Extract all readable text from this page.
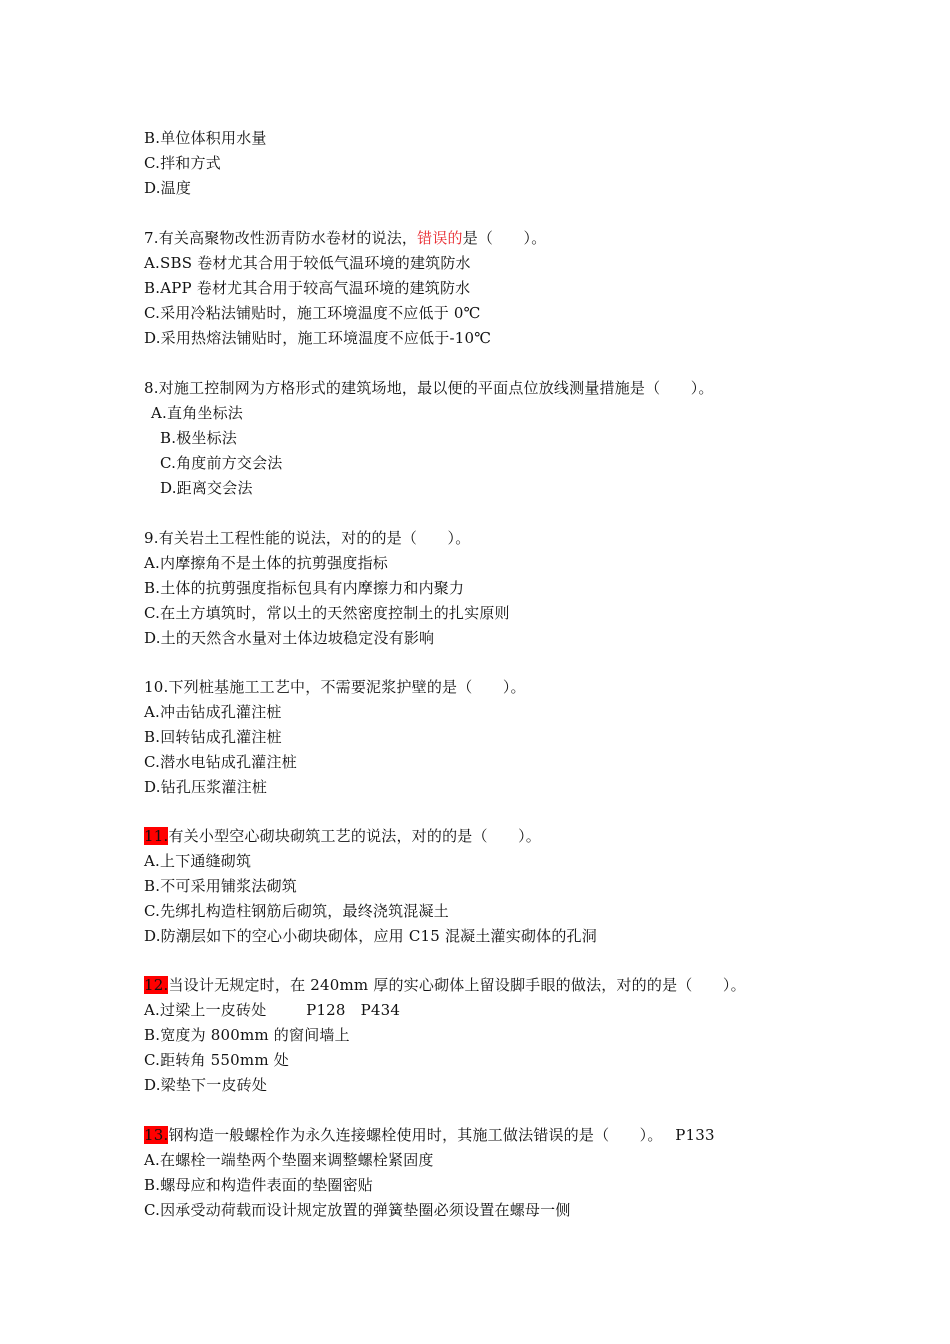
B.单位体积用水量
C.拌和方式
D.温度
7.有关高聚物改性沥青防水卷材的说法，错误的是（　　）。
A.SBS 卷材尤其合用于较低气温环境的建筑防水
B.APP 卷材尤其合用于较高气温环境的建筑防水
C.采用冷粘法铺贴时，施工环境温度不应低于 0℃
D.采用热熔法铺贴时，施工环境温度不应低于-10℃
8.对施工控制网为方格形式的建筑场地，最以便的平面点位放线测量措施是（　　）。
A.直角坐标法
B.极坐标法
C.角度前方交会法
D.距离交会法
9.有关岩土工程性能的说法，对的的是（　　）。
A.内摩擦角不是土体的抗剪强度指标
B.土体的抗剪强度指标包具有内摩擦力和内聚力
C.在土方填筑时，常以土的天然密度控制土的扎实原则
D.土的天然含水量对土体边坡稳定没有影响
10.下列桩基施工工艺中，不需要泥浆护壁的是（　　）。
A.冲击钻成孔灌注桩
B.回转钻成孔灌注桩
C.潜水电钻成孔灌注桩
D.钻孔压浆灌注桩
11.有关小型空心砌块砌筑工艺的说法，对的的是（　　）。
A.上下通缝砌筑
B.不可采用铺浆法砌筑
C.先绑扎构造柱钢筋后砌筑，最终浇筑混凝土
D.防潮层如下的空心小砌块砌体，应用 C15 混凝土灌实砌体的孔洞
12.当设计无规定时，在 240mm 厚的实心砌体上留设脚手眼的做法，对的的是（　　）。
A.过梁上一皮砖处        P128   P434
B.宽度为 800mm 的窗间墙上
C.距转角 550mm 处
D.梁垫下一皮砖处
13.钢构造一般螺栓作为永久连接螺栓使用时，其施工做法错误的是（　　）。　 P133
A.在螺栓一端垫两个垫圈来调整螺栓紧固度
B.螺母应和构造件表面的垫圈密贴
C.因承受动荷载而设计规定放置的弹簧垫圈必须设置在螺母一侧
